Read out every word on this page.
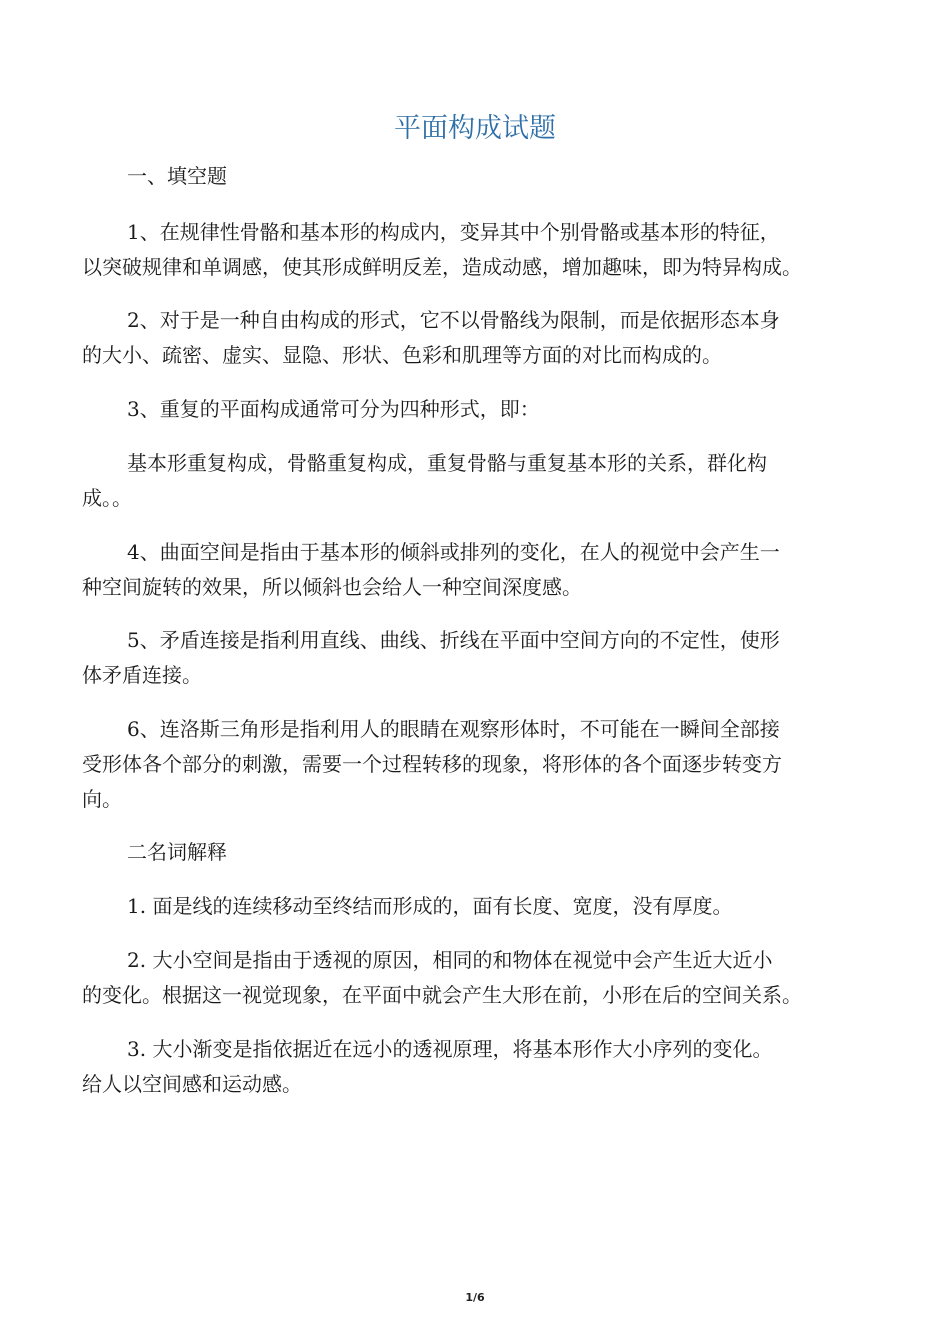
平面构成试题
一、填空题
1、在规律性骨骼和基本形的构成内，变异其中个别骨骼或基本形的特征，
以突破规律和单调感，使其形成鲜明反差，造成动感，增加趣味，即为特异构成。
2、对于是一种自由构成的形式，它不以骨骼线为限制，而是依据形态本身
的大小、疏密、虚实、显隐、形状、色彩和肌理等方面的对比而构成的。
3、重复的平面构成通常可分为四种形式，即：
基本形重复构成，骨骼重复构成，重复骨骼与重复基本形的关系，群化构
成。。
4、曲面空间是指由于基本形的倾斜或排列的变化，在人的视觉中会产生一
种空间旋转的效果，所以倾斜也会给人一种空间深度感。
5、矛盾连接是指利用直线、曲线、折线在平面中空间方向的不定性，使形
体矛盾连接。
6、连洛斯三角形是指利用人的眼睛在观察形体时，不可能在一瞬间全部接
受形体各个部分的刺激，需要一个过程转移的现象，将形体的各个面逐步转变方
向。
二名词解释
1. 面是线的连续移动至终结而形成的，面有长度、宽度，没有厚度。
2. 大小空间是指由于透视的原因，相同的和物体在视觉中会产生近大近小
的变化。根据这一视觉现象，在平面中就会产生大形在前，小形在后的空间关系。
3. 大小渐变是指依据近在远小的透视原理，将基本形作大小序列的变化。
给人以空间感和运动感。
1/6
